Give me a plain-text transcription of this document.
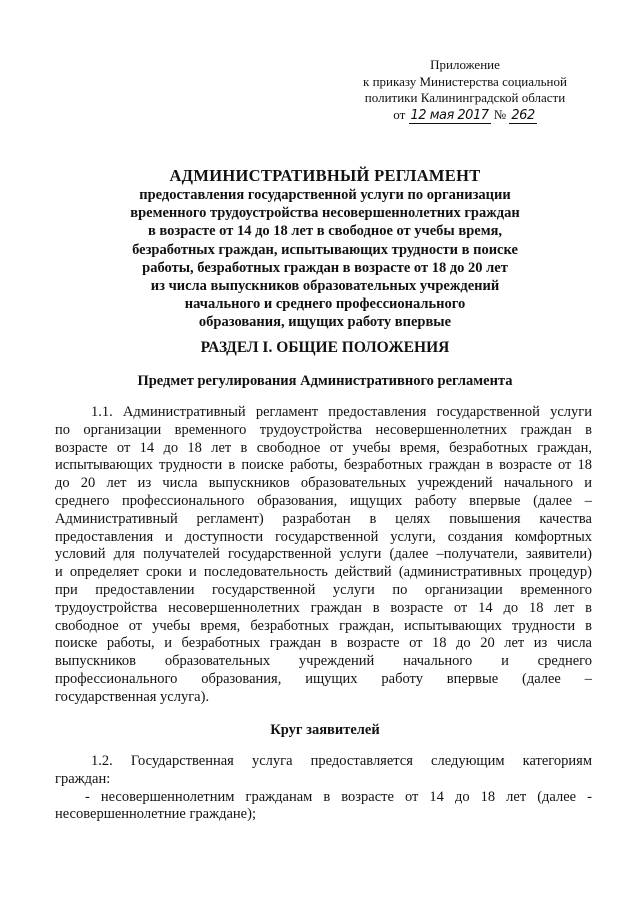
Приложение
к приказу Министерства социальной
политики Калининградской области
от 12 мая 2017 № 262
АДМИНИСТРАТИВНЫЙ РЕГЛАМЕНТ
предоставления государственной услуги по организации
временного трудоустройства несовершеннолетних граждан
в возрасте от 14 до 18 лет в свободное от учебы время,
безработных граждан, испытывающих трудности в поиске
работы, безработных граждан в возрасте от 18 до 20 лет
из числа выпускников образовательных учреждений
начального и среднего профессионального
образования, ищущих работу впервые
РАЗДЕЛ I. ОБЩИЕ ПОЛОЖЕНИЯ
Предмет регулирования Административного регламента
1.1. Административный регламент предоставления государственной услуги
по организации временного трудоустройства несовершеннолетних граждан в
возрасте от 14 до 18 лет в свободное от учебы время, безработных граждан,
испытывающих трудности в поиске работы, безработных граждан в возрасте от 18
до 20 лет из числа выпускников образовательных учреждений начального и
среднего профессионального образования, ищущих работу впервые (далее –
Административный регламент) разработан в целях повышения качества
предоставления и доступности государственной услуги, создания комфортных
условий для получателей государственной услуги (далее –получатели, заявители)
и определяет сроки и последовательность действий (административных процедур)
при предоставлении государственной услуги по организации временного
трудоустройства несовершеннолетних граждан в возрасте от 14 до 18 лет в
свободное от учебы время, безработных граждан, испытывающих трудности в
поиске работы, и безработных граждан в возрасте от 18 до 20 лет из числа
выпускников образовательных учреждений начального и среднего
профессионального образования, ищущих работу впервые (далее –
государственная услуга).
Круг заявителей
1.2. Государственная услуга предоставляется следующим категориям
граждан:
- несовершеннолетним гражданам в возрасте от 14 до 18 лет (далее -
несовершеннолетние граждане);
